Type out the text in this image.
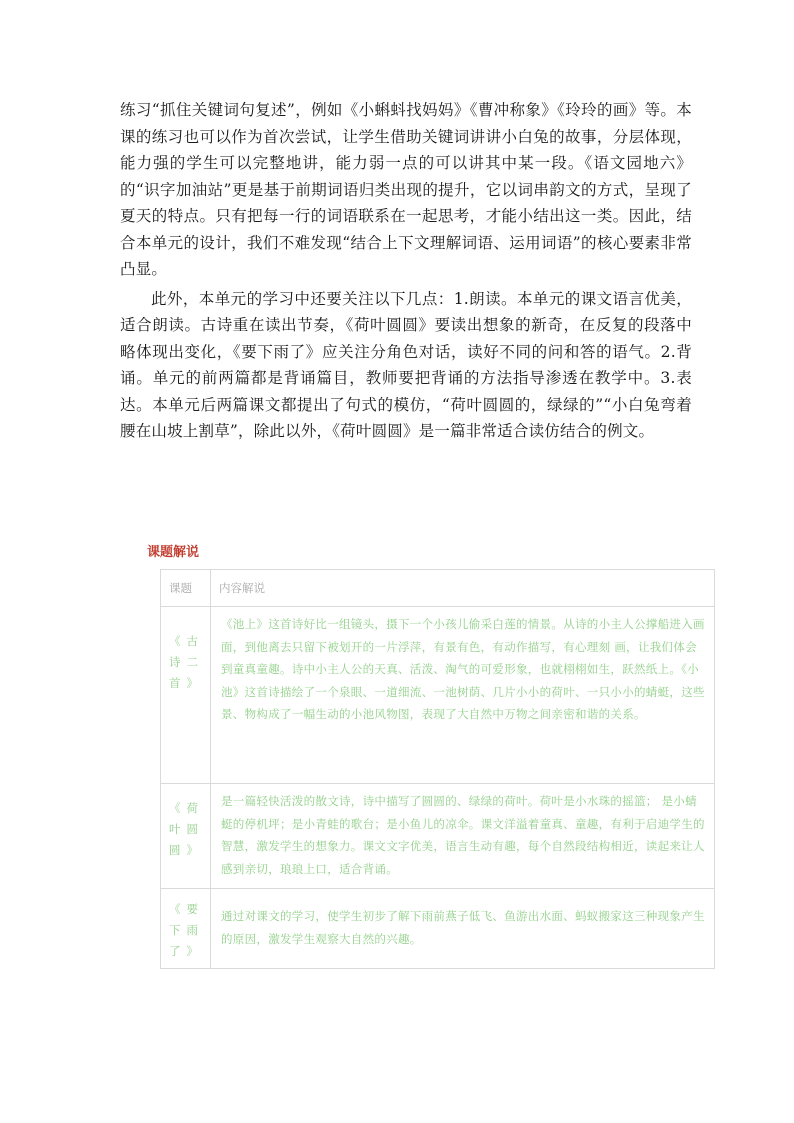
练习“抓住关键词句复述”，例如《小蝌蚪找妈妈》《曹冲称象》《玲玲的画》等。本课的练习也可以作为首次尝试，让学生借助关键词讲讲小白兔的故事，分层体现，能力强的学生可以完整地讲，能力弱一点的可以讲其中某一段。《语文园地六》的“识字加油站”更是基于前期词语归类出现的提升，它以词串韵文的方式，呈现了夏天的特点。只有把每一行的词语联系在一起思考，才能小结出这一类。因此，结合本单元的设计，我们不难发现“结合上下文理解词语、运用词语”的核心要素非常凸显。

此外，本单元的学习中还要关注以下几点：1.朗读。本单元的课文语言优美，适合朗读。古诗重在读出节奏，《荷叶圆圆》要读出想象的新奇，在反复的段落中略体现出变化，《要下雨了》应关注分角色对话，读好不同的问和答的语气。2.背诵。单元的前两篇都是背诵篇目，教师要把背诵的方法指导渗透在教学中。3.表达。本单元后两篇课文都提出了句式的模仿，“荷叶圆圆的，绿绿的”“小白兔弯着腰在山坡上割草”，除此以外，《荷叶圆圆》是一篇非常适合读仿结合的例文。

课题解说
课题	内容解说
《古诗二首》	《池上》这首诗好比一组镜头，摄下一个小孩儿偷采白莲的情景。从诗的小主人公撑船进入画面，到他离去只留下被划开的一片浮萍，有景有色，有动作描写，有心理刻 画，让我们体会到童真童趣。诗中小主人公的天真、活泼、淘气的可爱形象，也就栩栩如生，跃然纸上。《小池》这首诗描绘了一个泉眼、一道细流、一池树荫、几片小小的荷叶、一只小小的蜻蜓，这些景、物构成了一幅生动的小池风物图，表现了大自然中万物之间亲密和谐的关系。
《荷叶圆圆》	是一篇轻快活泼的散文诗，诗中描写了圆圆的、绿绿的荷叶。荷叶是小水珠的摇篮； 是小蜻蜓的停机坪；是小青蛙的歌台；是小鱼儿的凉伞。课文洋溢着童真、童趣，有利于启迪学生的智慧，激发学生的想象力。课文文字优美，语言生动有趣，每个自然段结构相近，读起来让人感到亲切，琅琅上口，适合背诵。
《要下雨了》	通过对课文的学习，使学生初步了解下雨前燕子低飞、鱼游出水面、蚂蚁搬家这三种现象产生的原因，激发学生观察大自然的兴趣。
